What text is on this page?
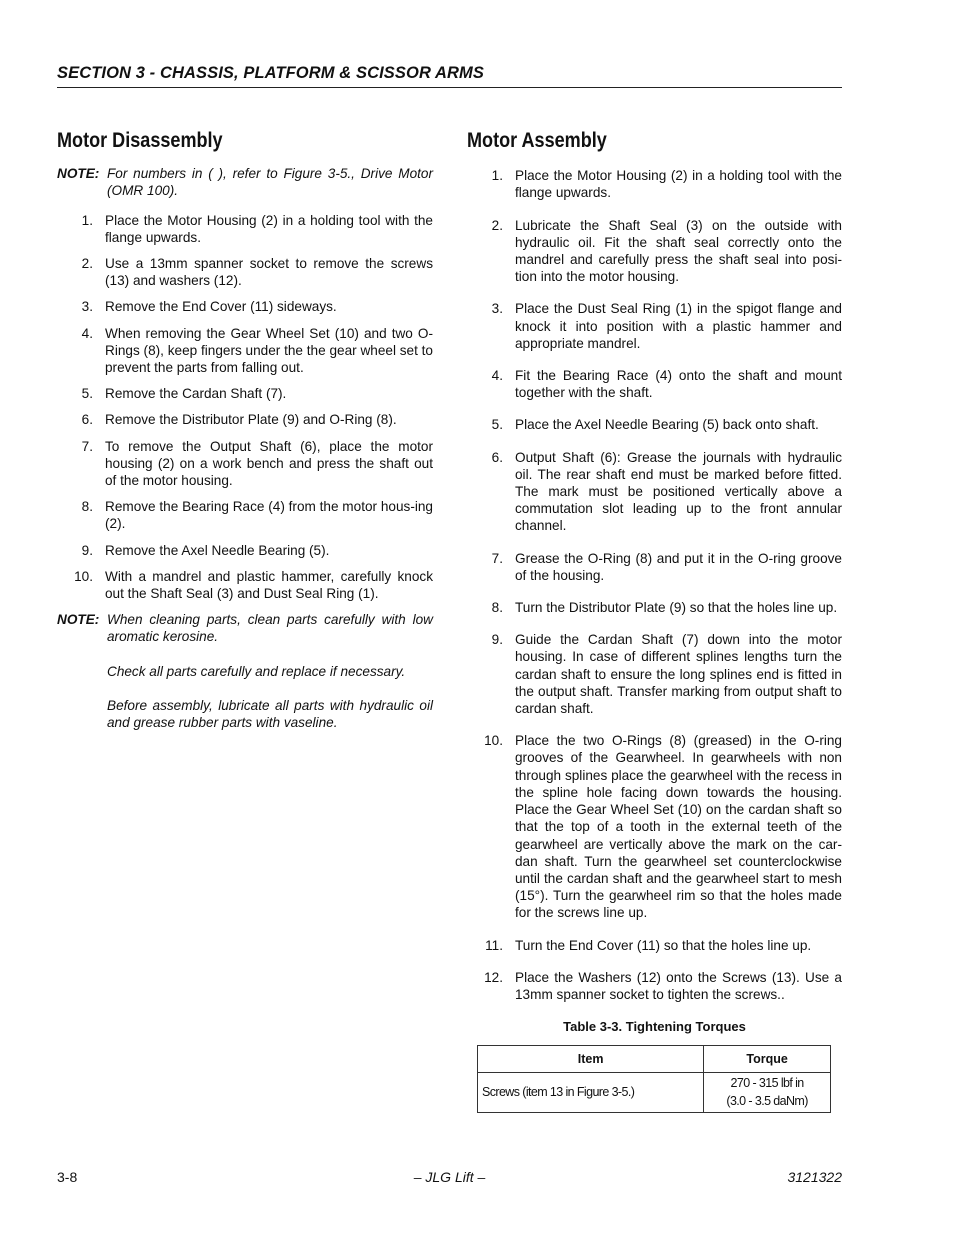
SECTION 3 - CHASSIS, PLATFORM & SCISSOR ARMS
Motor Disassembly
NOTE: For numbers in ( ), refer to Figure 3-5., Drive Motor (OMR 100).
1. Place the Motor Housing (2) in a holding tool with the flange upwards.
2. Use a 13mm spanner socket to remove the screws (13) and washers (12).
3. Remove the End Cover (11) sideways.
4. When removing the Gear Wheel Set (10) and two O-Rings (8), keep fingers under the the gear wheel set to prevent the parts from falling out.
5. Remove the Cardan Shaft (7).
6. Remove the Distributor Plate (9) and O-Ring (8).
7. To remove the Output Shaft (6), place the motor housing (2) on a work bench and press the shaft out of the motor housing.
8. Remove the Bearing Race (4) from the motor hous-ing (2).
9. Remove the Axel Needle Bearing (5).
10. With a mandrel and plastic hammer, carefully knock out the Shaft Seal (3) and Dust Seal Ring (1).
NOTE: When cleaning parts, clean parts carefully with low aromatic kerosine.

Check all parts carefully and replace if necessary.

Before assembly, lubricate all parts with hydraulic oil and grease rubber parts with vaseline.

Motor Assembly
1. Place the Motor Housing (2) in a holding tool with the flange upwards.
2. Lubricate the Shaft Seal (3) on the outside with hydraulic oil. Fit the shaft seal correctly onto the mandrel and carefully press the shaft seal into posi-tion into the motor housing.
3. Place the Dust Seal Ring (1) in the spigot flange and knock it into position with a plastic hammer and appropriate mandrel.
4. Fit the Bearing Race (4) onto the shaft and mount together with the shaft.
5. Place the Axel Needle Bearing (5) back onto shaft.
6. Output Shaft (6): Grease the journals with hydraulic oil. The rear shaft end must be marked before fitted. The mark must be positioned vertically above a commutation slot leading up to the front annular channel.
7. Grease the O-Ring (8) and put it in the O-ring groove of the housing.
8. Turn the Distributor Plate (9) so that the holes line up.
9. Guide the Cardan Shaft (7) down into the motor housing. In case of different splines lengths turn the cardan shaft to ensure the long splines end is fitted in the output shaft. Transfer marking from output shaft to cardan shaft.
10. Place the two O-Rings (8) (greased) in the O-ring grooves of the Gearwheel. In gearwheels with non through splines place the gearwheel with the recess in the spline hole facing down towards the housing. Place the Gear Wheel Set (10) on the cardan shaft so that the top of a tooth in the external teeth of the gearwheel are vertically above the mark on the car-dan shaft. Turn the gearwheel set counterclockwise until the cardan shaft and the gearwheel start to mesh (15°). Turn the gearwheel rim so that the holes made for the screws line up.
11. Turn the End Cover (11) so that the holes line up.
12. Place the Washers (12) onto the Screws (13). Use a 13mm spanner socket to tighten the screws..
Table 3-3. Tightening Torques
Item	Torque
Screws (item 13 in Figure 3-5.)	270 - 315 lbf in
(3.0 - 3.5 daNm)
3-8	– JLG Lift –	3121322
